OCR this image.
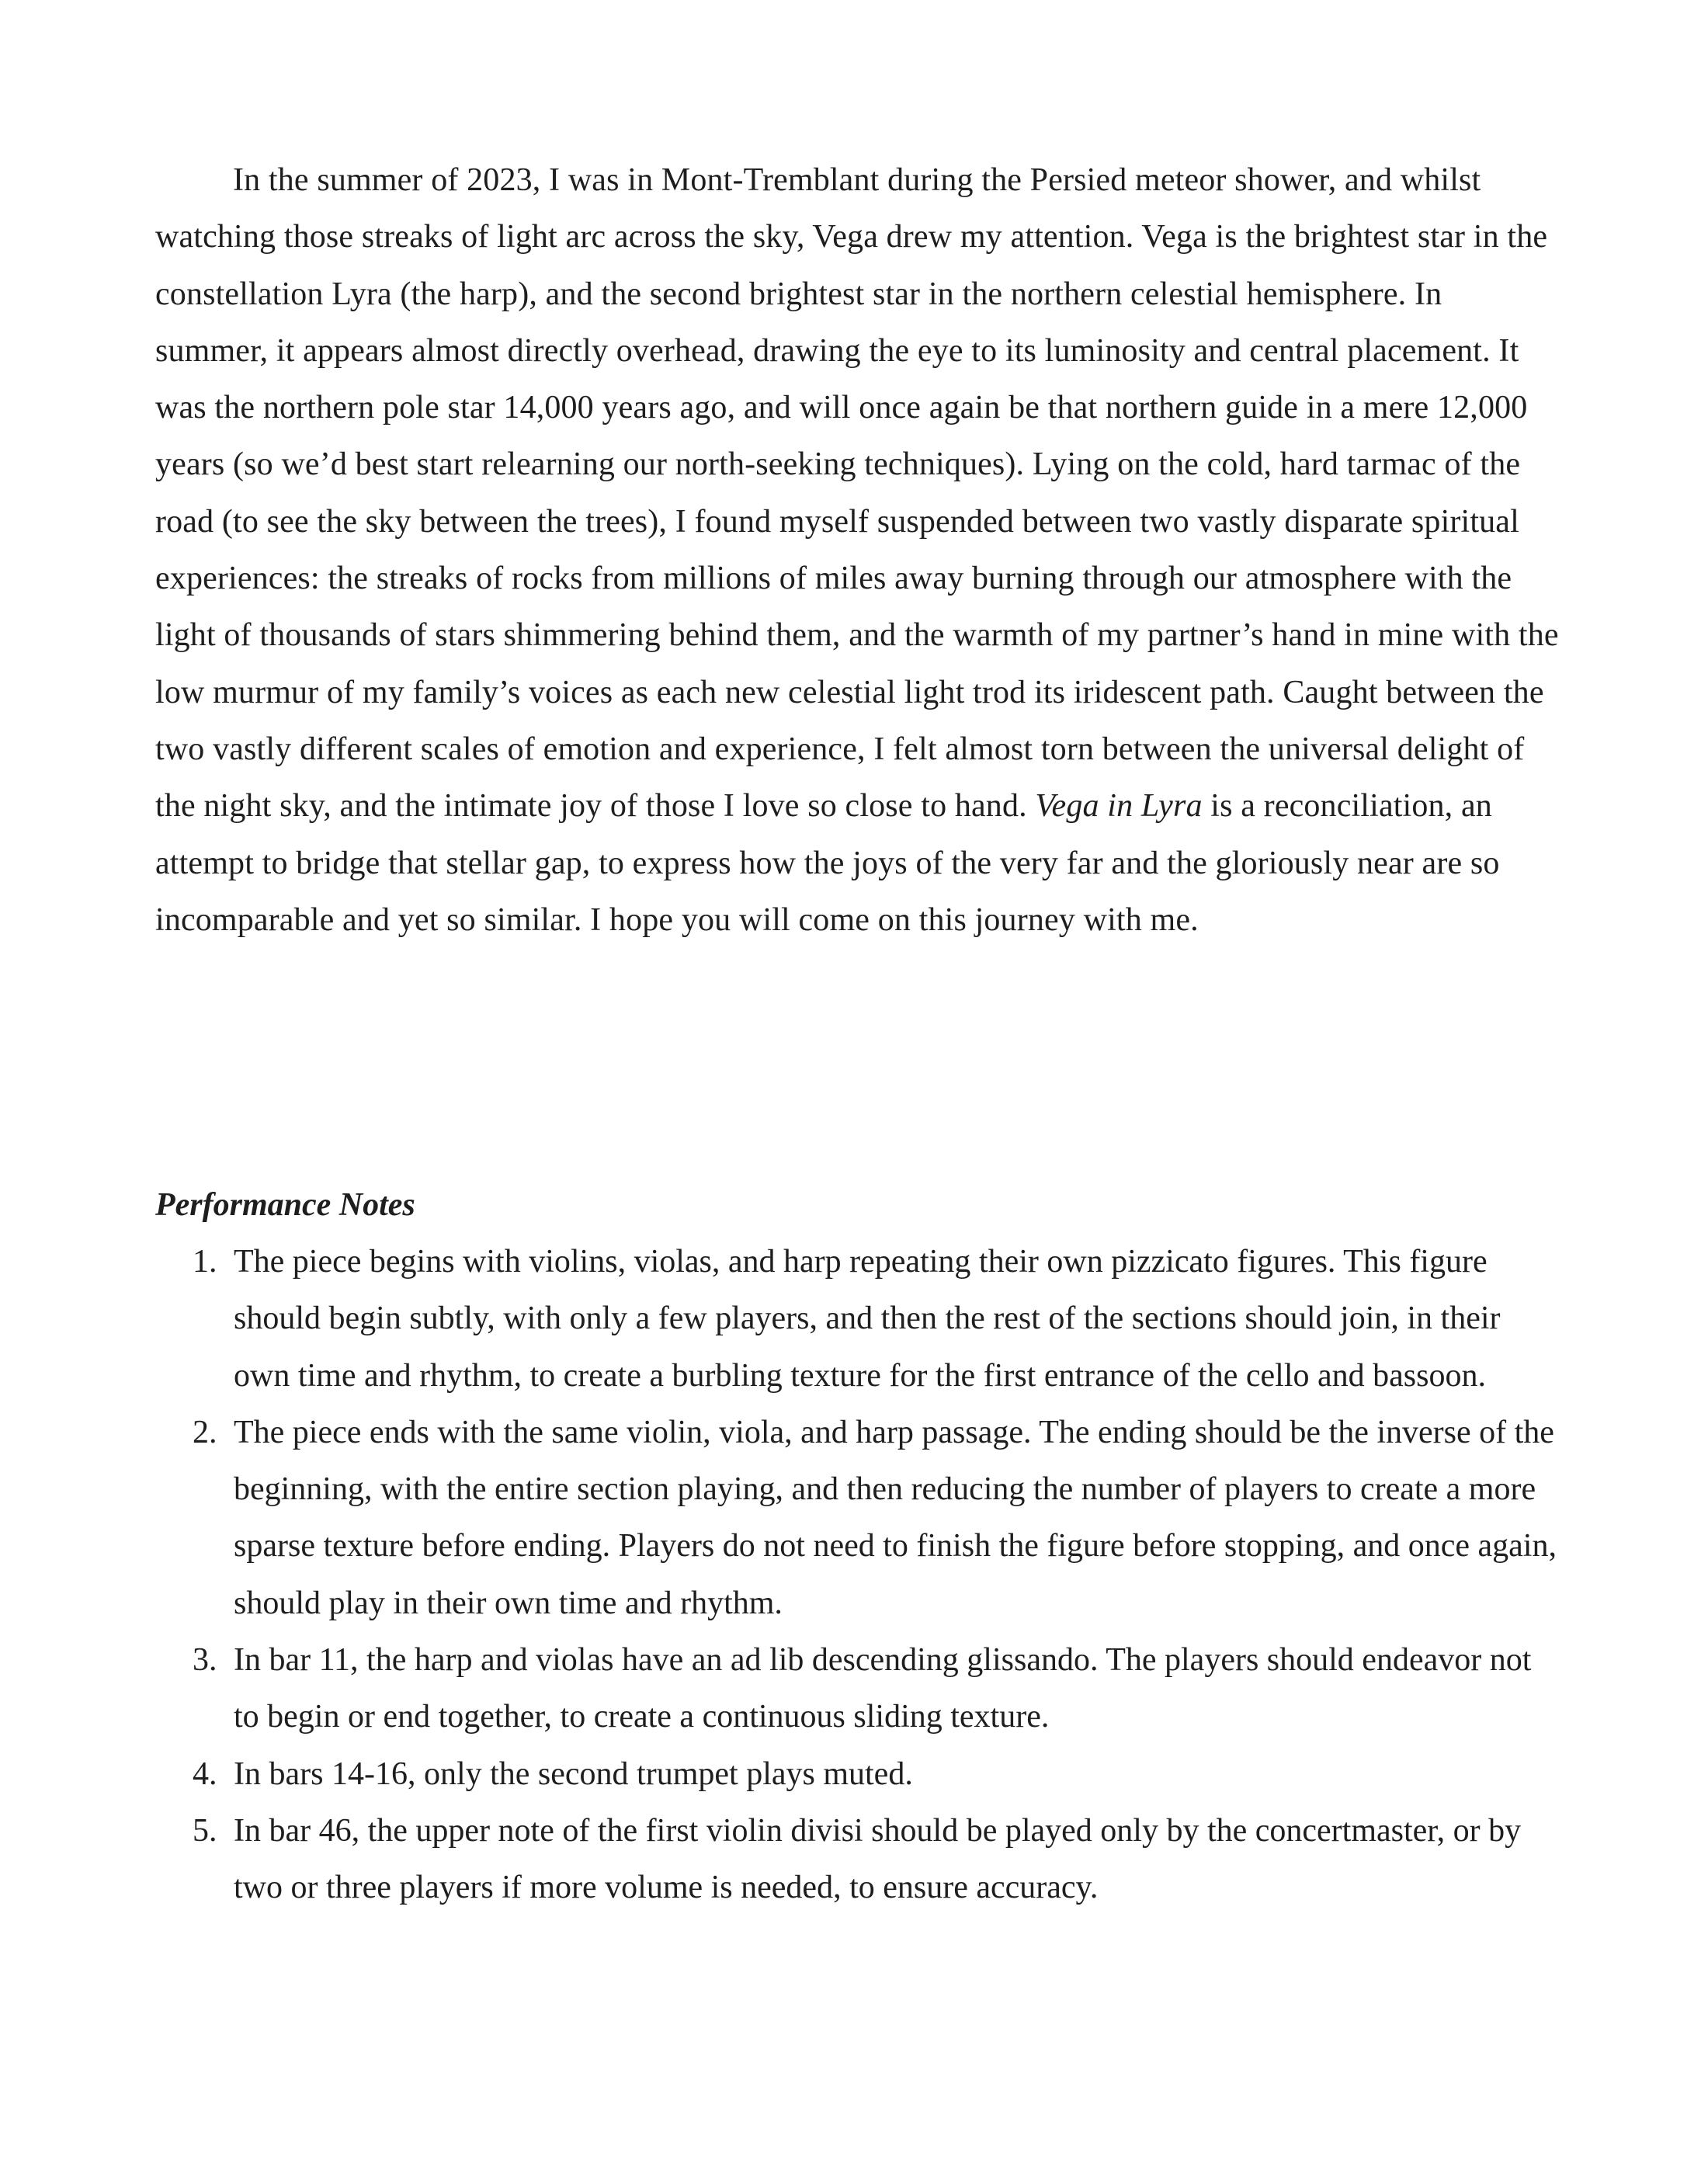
In the summer of 2023, I was in Mont-Tremblant during the Persied meteor shower, and whilst watching those streaks of light arc across the sky, Vega drew my attention. Vega is the brightest star in the constellation Lyra (the harp), and the second brightest star in the northern celestial hemisphere. In summer, it appears almost directly overhead, drawing the eye to its luminosity and central placement. It was the northern pole star 14,000 years ago, and will once again be that northern guide in a mere 12,000 years (so we’d best start relearning our north-seeking techniques). Lying on the cold, hard tarmac of the road (to see the sky between the trees), I found myself suspended between two vastly disparate spiritual experiences: the streaks of rocks from millions of miles away burning through our atmosphere with the light of thousands of stars shimmering behind them, and the warmth of my partner’s hand in mine with the low murmur of my family’s voices as each new celestial light trod its iridescent path. Caught between the two vastly different scales of emotion and experience, I felt almost torn between the universal delight of the night sky, and the intimate joy of those I love so close to hand. Vega in Lyra is a reconciliation, an attempt to bridge that stellar gap, to express how the joys of the very far and the gloriously near are so incomparable and yet so similar. I hope you will come on this journey with me.

Performance Notes
1. The piece begins with violins, violas, and harp repeating their own pizzicato figures. This figure should begin subtly, with only a few players, and then the rest of the sections should join, in their own time and rhythm, to create a burbling texture for the first entrance of the cello and bassoon.
2. The piece ends with the same violin, viola, and harp passage. The ending should be the inverse of the beginning, with the entire section playing, and then reducing the number of players to create a more sparse texture before ending. Players do not need to finish the figure before stopping, and once again, should play in their own time and rhythm.
3. In bar 11, the harp and violas have an ad lib descending glissando. The players should endeavor not to begin or end together, to create a continuous sliding texture.
4. In bars 14-16, only the second trumpet plays muted.
5. In bar 46, the upper note of the first violin divisi should be played only by the concertmaster, or by two or three players if more volume is needed, to ensure accuracy.
